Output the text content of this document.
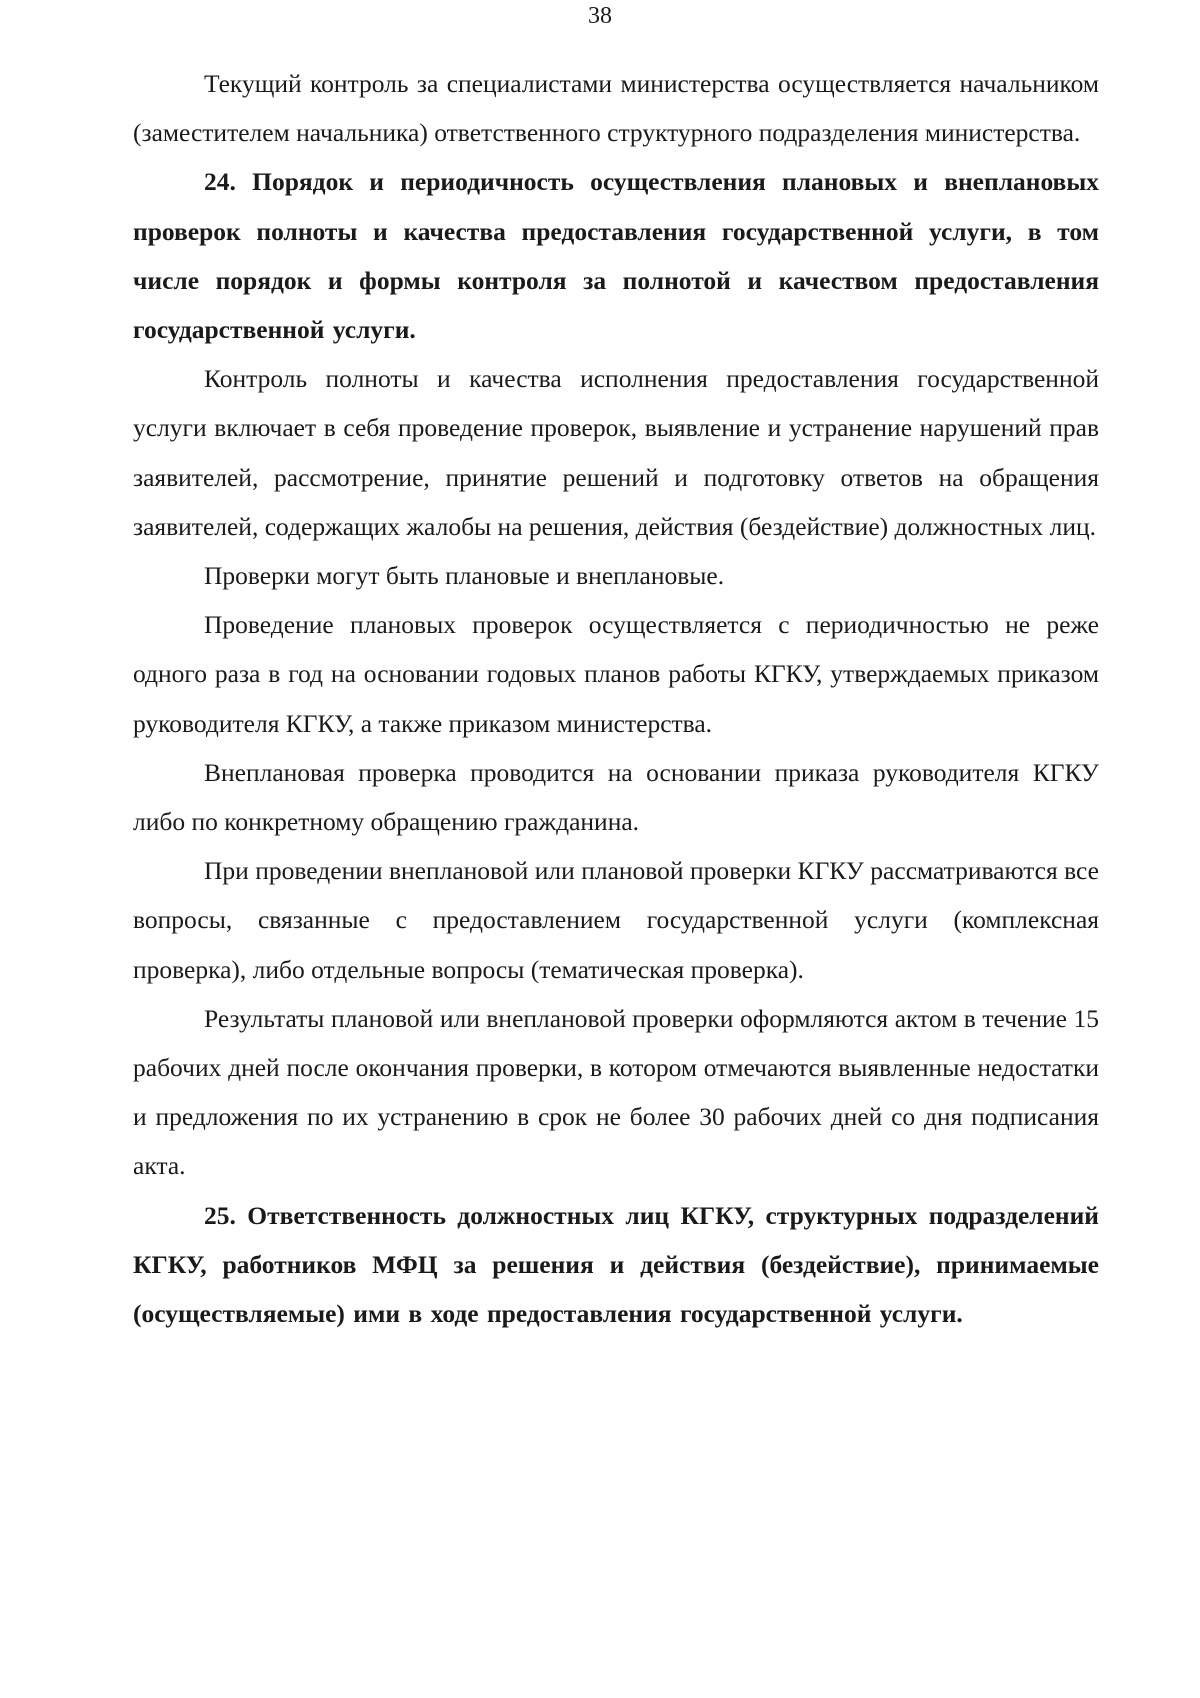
38

Текущий контроль за специалистами министерства осуществляется начальником (заместителем начальника) ответственного структурного подразделения министерства.

24. Порядок и периодичность осуществления плановых и внеплановых проверок полноты и качества предоставления государственной услуги, в том числе порядок и формы контроля за полнотой и качеством предоставления государственной услуги.

Контроль полноты и качества исполнения предоставления государственной услуги включает в себя проведение проверок, выявление и устранение нарушений прав заявителей, рассмотрение, принятие решений и подготовку ответов на обращения заявителей, содержащих жалобы на решения, действия (бездействие) должностных лиц.

Проверки могут быть плановые и внеплановые.

Проведение плановых проверок осуществляется с периодичностью не реже одного раза в год на основании годовых планов работы КГКУ, утверждаемых приказом руководителя КГКУ, а также приказом министерства.

Внеплановая проверка проводится на основании приказа руководителя КГКУ либо по конкретному обращению гражданина.

При проведении внеплановой или плановой проверки КГКУ рассматриваются все вопросы, связанные с предоставлением государственной услуги (комплексная проверка), либо отдельные вопросы (тематическая проверка).

Результаты плановой или внеплановой проверки оформляются актом в течение 15 рабочих дней после окончания проверки, в котором отмечаются выявленные недостатки и предложения по их устранению в срок не более 30 рабочих дней со дня подписания акта.

25. Ответственность должностных лиц КГКУ, структурных подразделений КГКУ, работников МФЦ за решения и действия (бездействие), принимаемые (осуществляемые) ими в ходе предоставления государственной услуги.
